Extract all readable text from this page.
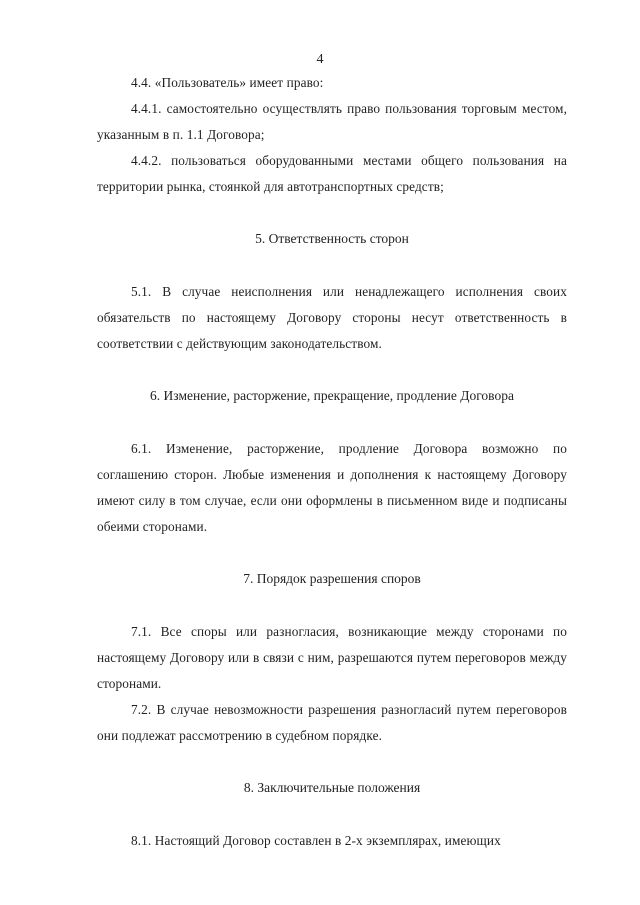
4

4.4. «Пользователь» имеет право:

4.4.1. самостоятельно осуществлять право пользования торговым местом, указанным в п. 1.1 Договора;

4.4.2. пользоваться оборудованными местами общего пользования на территории рынка, стоянкой для автотранспортных средств;

5. Ответственность сторон

5.1. В случае неисполнения или ненадлежащего исполнения своих обязательств по настоящему Договору стороны несут ответственность в соответствии с действующим законодательством.

6. Изменение, расторжение, прекращение, продление Договора

6.1. Изменение, расторжение, продление Договора возможно по соглашению сторон. Любые изменения и дополнения к настоящему Договору имеют силу в том случае, если они оформлены в письменном виде и подписаны обеими сторонами.

7. Порядок разрешения споров

7.1. Все споры или разногласия, возникающие между сторонами по настоящему Договору или в связи с ним, разрешаются путем переговоров между сторонами.

7.2. В случае невозможности разрешения разногласий путем переговоров они подлежат рассмотрению в судебном порядке.

8. Заключительные положения

8.1. Настоящий Договор составлен в 2-х экземплярах, имеющих
